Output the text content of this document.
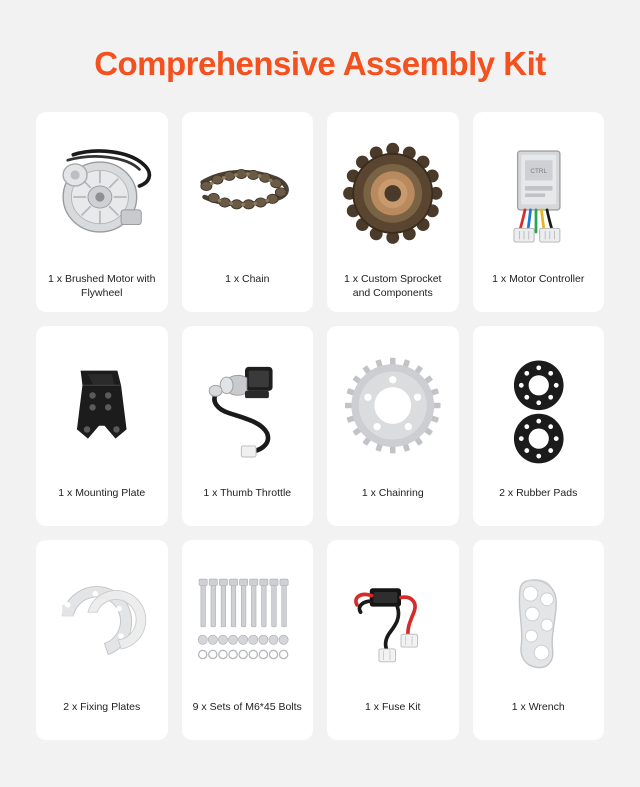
Comprehensive Assembly Kit
1 x Brushed Motor with Flywheel
1 x Chain	1 x Custom Sprocket and Components
CTRL
1 x Motor Controller
1 x Mounting Plate	1 x Thumb Throttle	1 x Chainring	2 x Rubber Pads
2 x Fixing Plates	9 x Sets of M6*45 Bolts	1 x Fuse Kit	1 x Wrench
